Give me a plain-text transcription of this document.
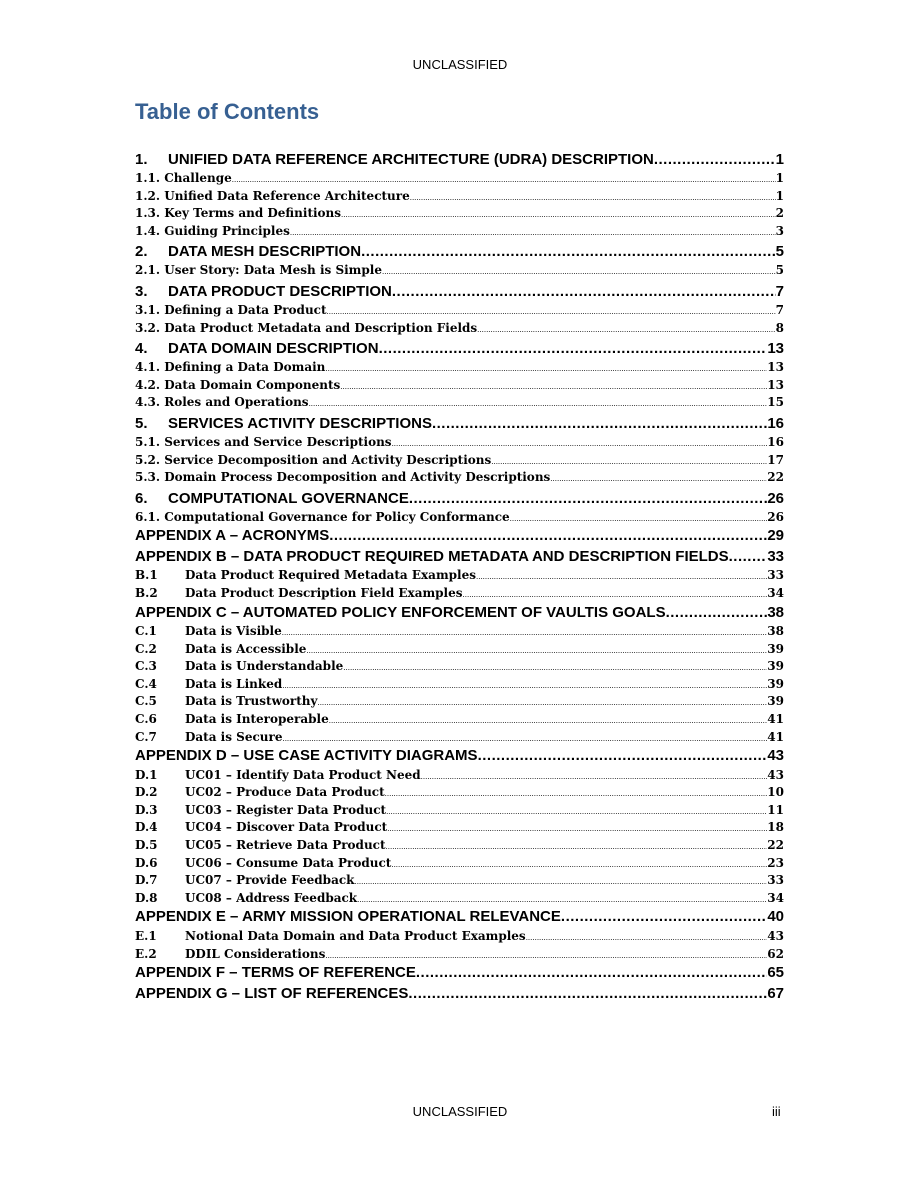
UNCLASSIFIED
Table of Contents
1.	UNIFIED DATA REFERENCE ARCHITECTURE (UDRA) DESCRIPTION .....	1
1.1. Challenge .....	1
1.2. Unified Data Reference Architecture .....	1
1.3. Key Terms and Definitions .....	2
1.4. Guiding Principles .....	3
2.	DATA MESH DESCRIPTION .....	5
2.1. User Story: Data Mesh is Simple .....	5
3.	DATA PRODUCT DESCRIPTION .....	7
3.1. Defining a Data Product .....	7
3.2. Data Product Metadata and Description Fields .....	8
4.	DATA DOMAIN DESCRIPTION .....	13
4.1. Defining a Data Domain .....	13
4.2. Data Domain Components .....	13
4.3. Roles and Operations .....	15
5.	SERVICES ACTIVITY DESCRIPTIONS .....	16
5.1. Services and Service Descriptions .....	16
5.2. Service Decomposition and Activity Descriptions .....	17
5.3. Domain Process Decomposition and Activity Descriptions .....	22
6.	COMPUTATIONAL GOVERNANCE .....	26
6.1. Computational Governance for Policy Conformance .....	26
APPENDIX A – ACRONYMS .....	29
APPENDIX B – DATA PRODUCT REQUIRED METADATA AND DESCRIPTION FIELDS .....	33
B.1	Data Product Required Metadata Examples .....	33
B.2	Data Product Description Field Examples .....	34
APPENDIX C – AUTOMATED POLICY ENFORCEMENT OF VAULTIS GOALS .....	38
C.1	Data is Visible .....	38
C.2	Data is Accessible .....	39
C.3	Data is Understandable .....	39
C.4	Data is Linked .....	39
C.5	Data is Trustworthy .....	39
C.6	Data is Interoperable .....	41
C.7	Data is Secure .....	41
APPENDIX D – USE CASE ACTIVITY DIAGRAMS .....	43
D.1	UC01 – Identify Data Product Need .....	43
D.2	UC02 – Produce Data Product .....	10
D.3	UC03 – Register Data Product .....	11
D.4	UC04 – Discover Data Product .....	18
D.5	UC05 – Retrieve Data Product .....	22
D.6	UC06 – Consume Data Product .....	23
D.7	UC07 – Provide Feedback .....	33
D.8	UC08 – Address Feedback .....	34
APPENDIX E – ARMY MISSION OPERATIONAL RELEVANCE .....	40
E.1	Notional Data Domain and Data Product Examples .....	43
E.2	DDIL Considerations .....	62
APPENDIX F – TERMS OF REFERENCE .....	65
APPENDIX G – LIST OF REFERENCES .....	67
UNCLASSIFIED	iii
